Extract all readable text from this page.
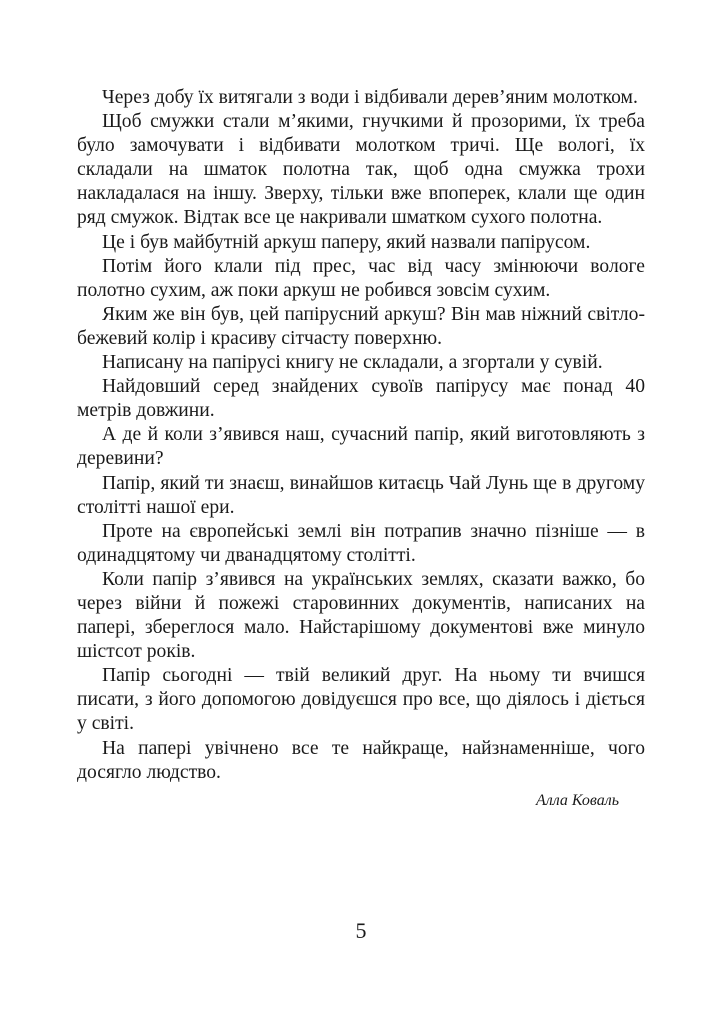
Через добу їх витягали з води і відбивали дерев’яним молотком.

Щоб смужки стали м’якими, гнучкими й прозорими, їх треба було замочувати і відбивати молотком тричі. Ще вологі, їх складали на шматок полотна так, щоб одна смужка трохи накладалася на іншу. Зверху, тільки вже впоперек, клали ще один ряд смужок. Відтак все це накривали шматком сухого полотна.

Це і був майбутній аркуш паперу, який назвали папірусом.

Потім його клали під прес, час від часу змінюючи вологе полотно сухим, аж поки аркуш не робився зовсім сухим.

Яким же він був, цей папірусний аркуш? Він мав ніжний світло-бежевий колір і красиву сітчасту поверхню.

Написану на папірусі книгу не складали, а згортали у сувій.

Найдовший серед знайдених сувоїв папірусу має понад 40 метрів довжини.

А де й коли з’явився наш, сучасний папір, який виготовляють з деревини?

Папір, який ти знаєш, винайшов китаєць Чай Лунь ще в другому столітті нашої ери.

Проте на європейські землі він потрапив значно пізніше — в одинадцятому чи дванадцятому столітті.

Коли папір з’явився на українських землях, сказати важко, бо через війни й пожежі старовинних документів, написаних на папері, збереглося мало. Найстарішому документові вже минуло шістсот років.

Папір сьогодні — твій великий друг. На ньому ти вчишся писати, з його допомогою довідуєшся про все, що діялось і діється у світі.

На папері увічнено все те найкраще, найзнаменніше, чого досягло людство.

Алла Коваль

5
